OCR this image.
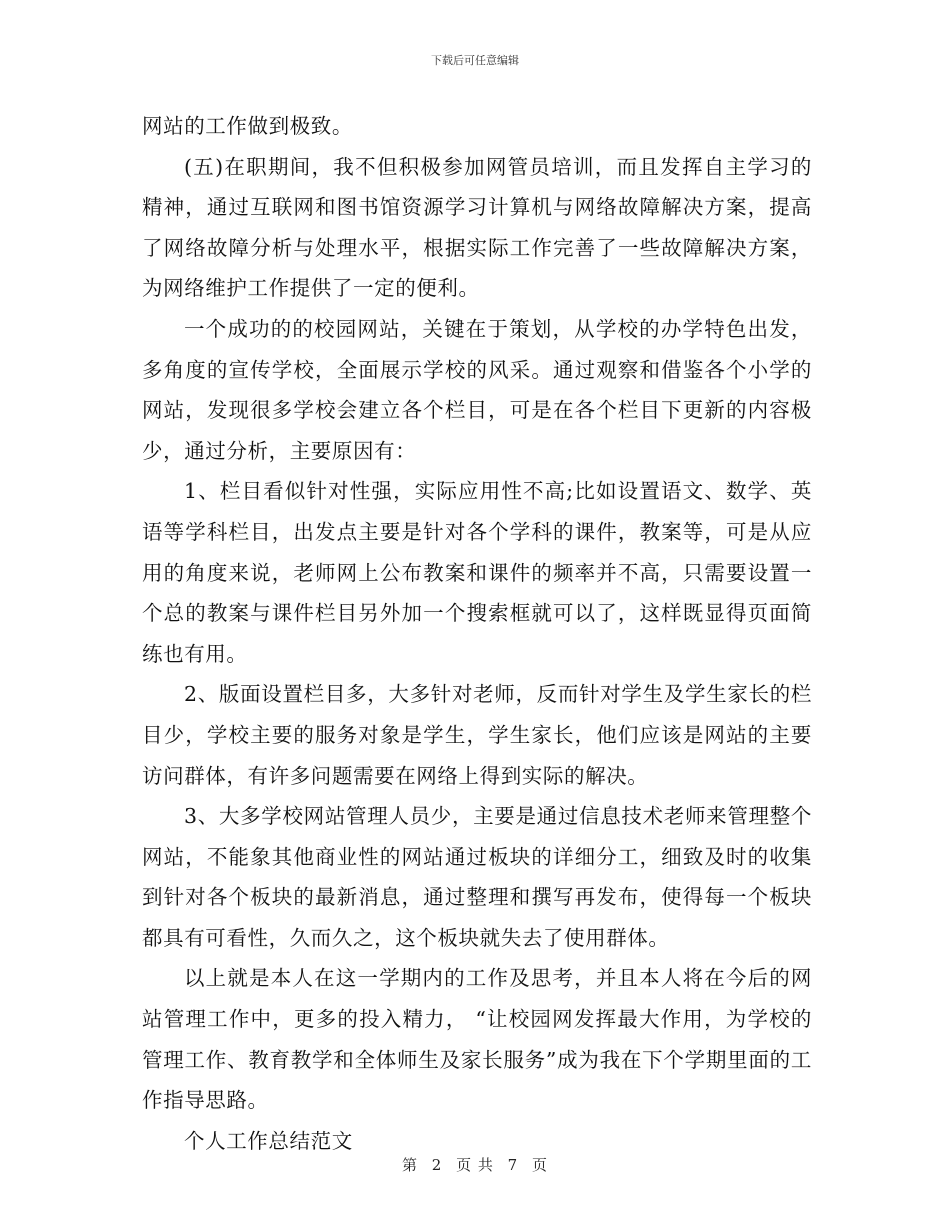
下载后可任意编辑

网站的工作做到极致。

(五)在职期间，我不但积极参加网管员培训，而且发挥自主学习的精神，通过互联网和图书馆资源学习计算机与网络故障解决方案，提高了网络故障分析与处理水平，根据实际工作完善了一些故障解决方案，为网络维护工作提供了一定的便利。

一个成功的的校园网站，关键在于策划，从学校的办学特色出发，多角度的宣传学校，全面展示学校的风采。通过观察和借鉴各个小学的网站，发现很多学校会建立各个栏目，可是在各个栏目下更新的内容极少，通过分析，主要原因有：

1、栏目看似针对性强，实际应用性不高;比如设置语文、数学、英语等学科栏目，出发点主要是针对各个学科的课件，教案等，可是从应用的角度来说，老师网上公布教案和课件的频率并不高，只需要设置一个总的教案与课件栏目另外加一个搜索框就可以了，这样既显得页面简练也有用。

2、版面设置栏目多，大多针对老师，反而针对学生及学生家长的栏目少，学校主要的服务对象是学生，学生家长，他们应该是网站的主要访问群体，有许多问题需要在网络上得到实际的解决。

3、大多学校网站管理人员少，主要是通过信息技术老师来管理整个网站，不能象其他商业性的网站通过板块的详细分工，细致及时的收集到针对各个板块的最新消息，通过整理和撰写再发布，使得每一个板块都具有可看性，久而久之，这个板块就失去了使用群体。

以上就是本人在这一学期内的工作及思考，并且本人将在今后的网站管理工作中，更多的投入精力， “让校园网发挥最大作用，为学校的管理工作、教育教学和全体师生及家长服务”成为我在下个学期里面的工作指导思路。

个人工作总结范文

第 2 页 共 7 页
